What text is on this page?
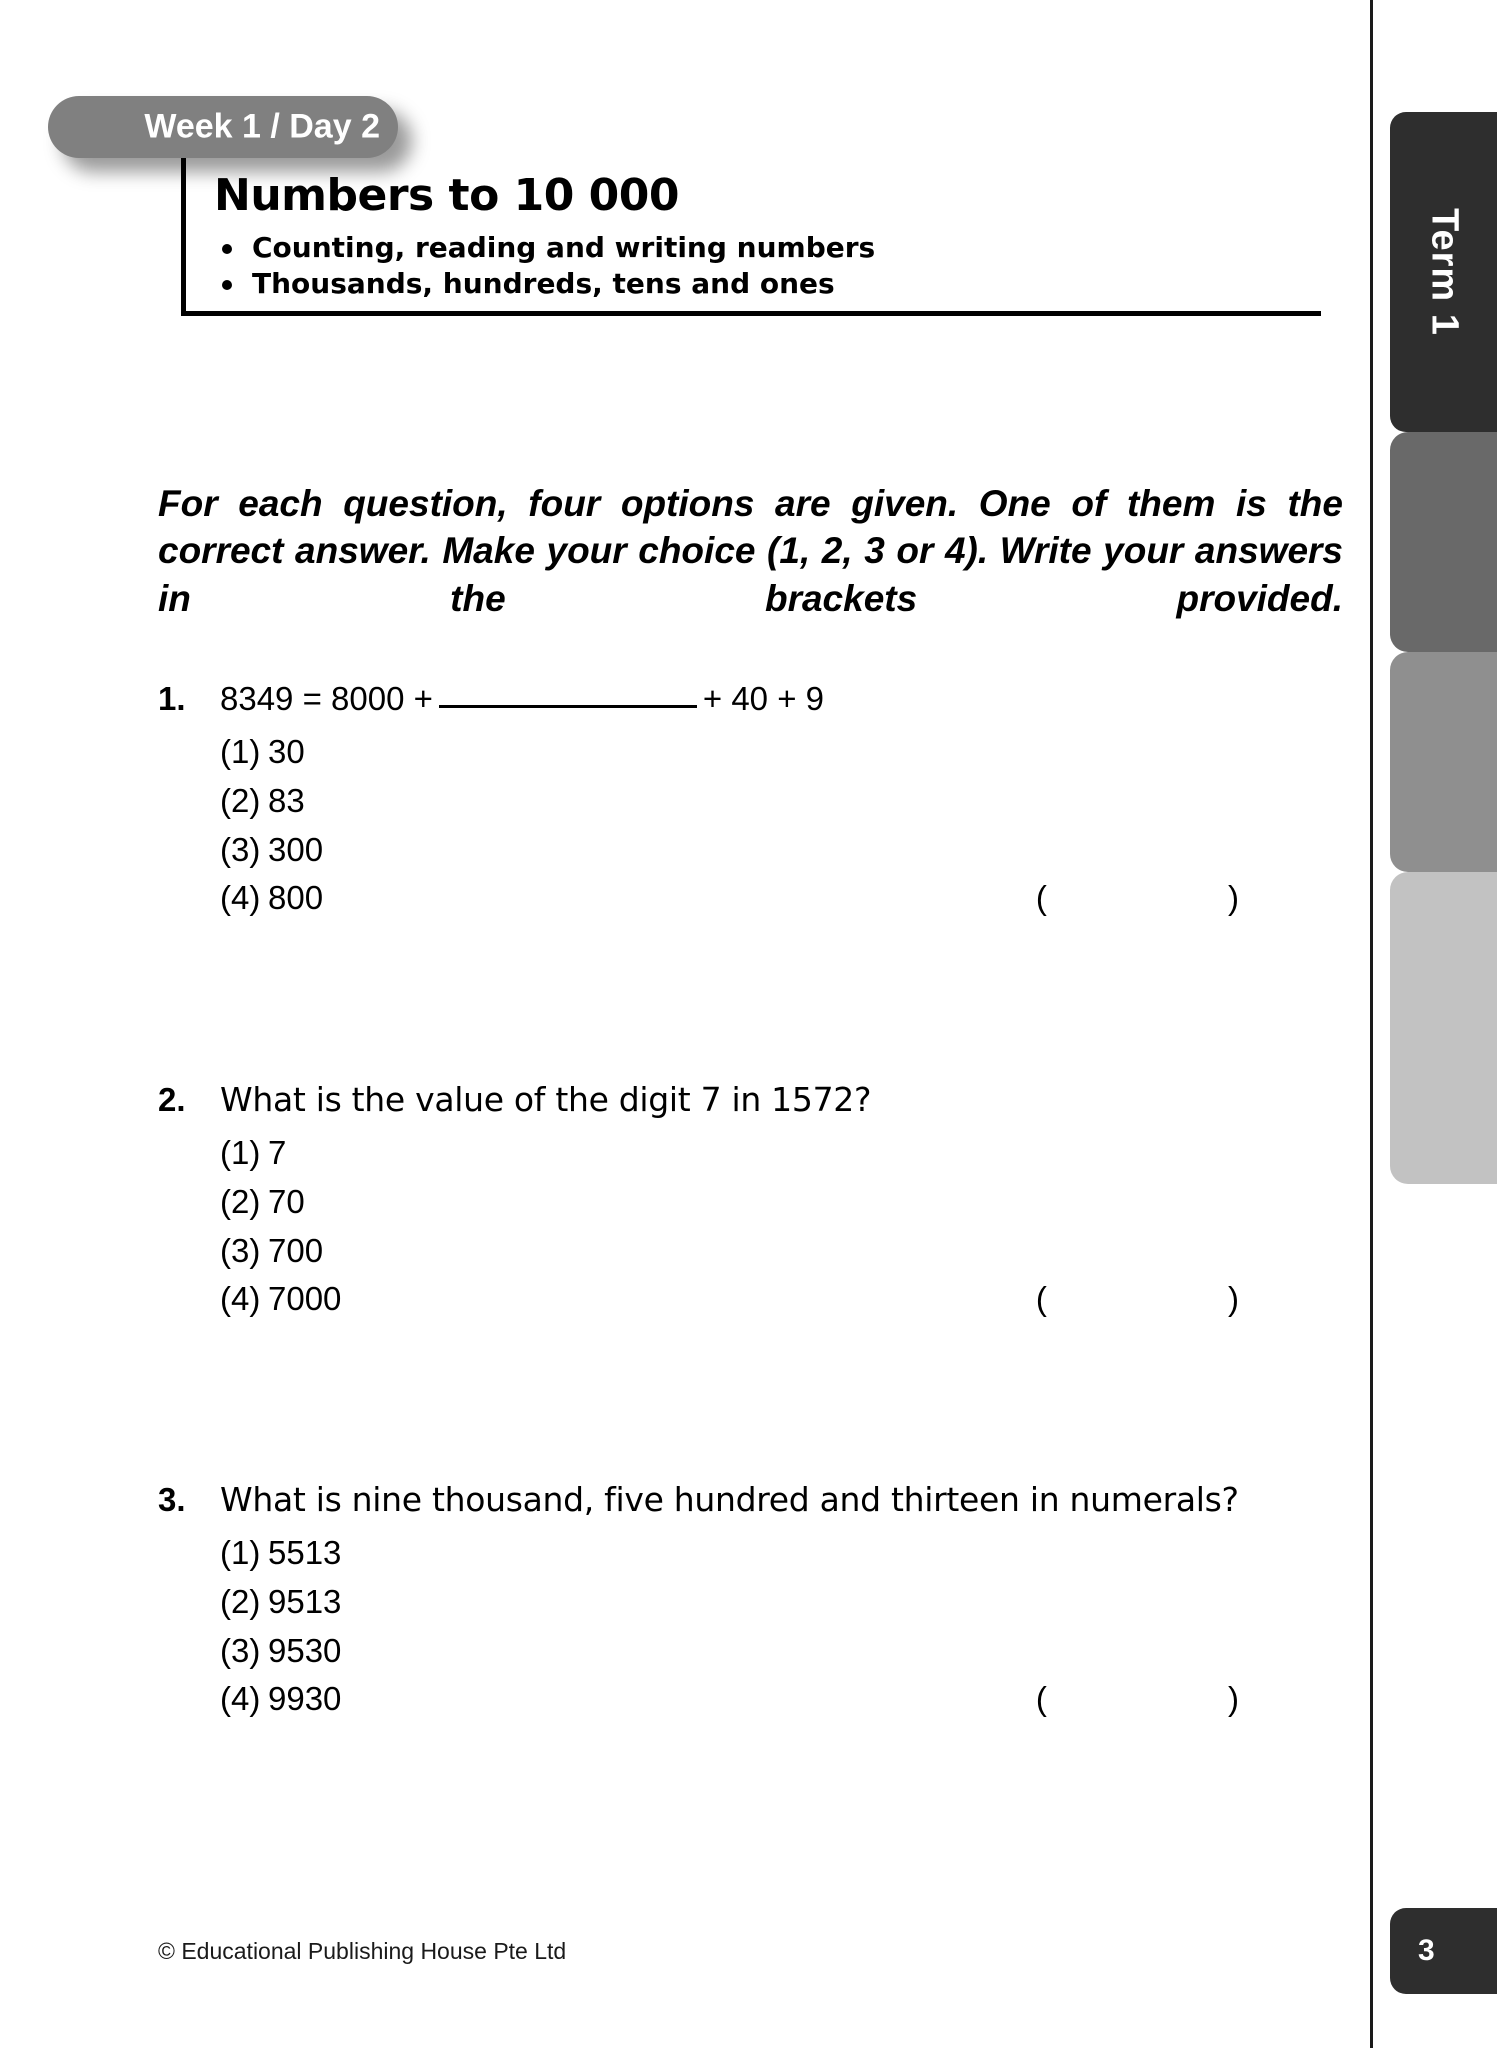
Term 1
3
Week 1 / Day 2
Numbers to 10 000
Counting, reading and writing numbers
Thousands, hundreds, tens and ones
For each question, four options are given. One of them is the correct answer. Make your choice (1, 2, 3 or 4). Write your answers in the brackets provided.
1.	8349 = 8000 +	+ 40 + 9
(1) 30
(2) 83
(3) 300
(4) 800	( )
2.	What is the value of the digit 7 in 1572?
(1) 7
(2) 70
(3) 700
(4) 7000	( )
3.	What is nine thousand, five hundred and thirteen in numerals?
(1) 5513
(2) 9513
(3) 9530
(4) 9930	( )
© Educational Publishing House Pte Ltd
